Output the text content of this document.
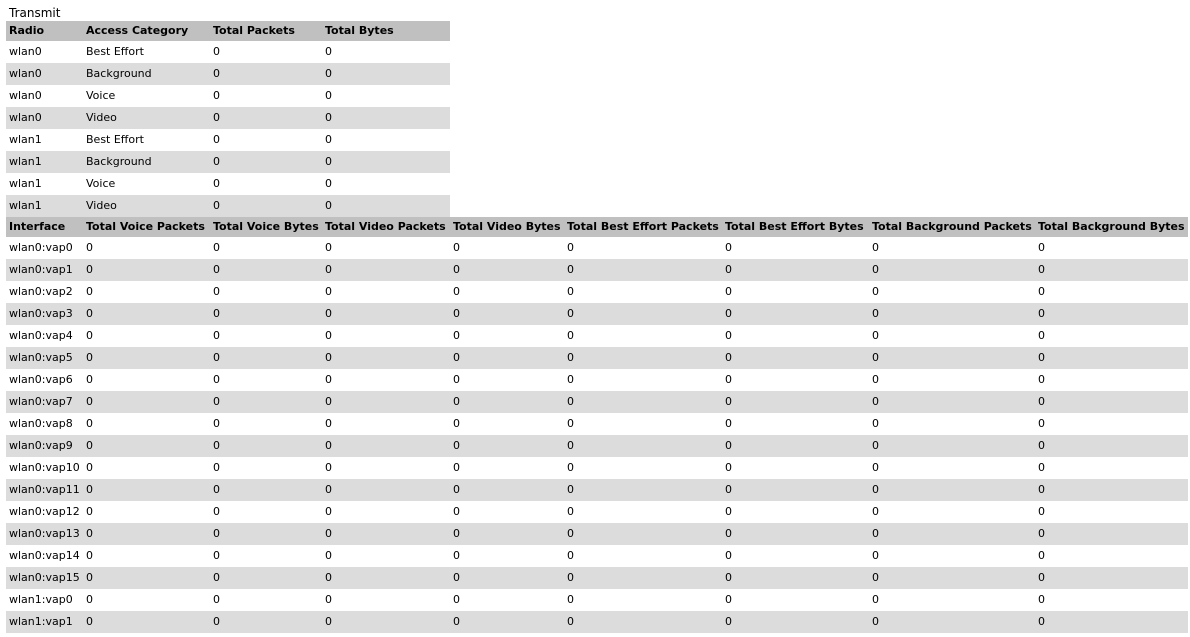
Transmit
Radio	Access Category	Total Packets	Total Bytes
wlan0	Best Effort	0	0
wlan0	Background	0	0
wlan0	Voice	0	0
wlan0	Video	0	0
wlan1	Best Effort	0	0
wlan1	Background	0	0
wlan1	Voice	0	0
wlan1	Video	0	0
Interface	Total Voice Packets	Total Voice Bytes	Total Video Packets	Total Video Bytes	Total Best Effort Packets	Total Best Effort Bytes	Total Background Packets	Total Background Bytes
wlan0:vap0	0	0	0	0	0	0	0	0
wlan0:vap1	0	0	0	0	0	0	0	0
wlan0:vap2	0	0	0	0	0	0	0	0
wlan0:vap3	0	0	0	0	0	0	0	0
wlan0:vap4	0	0	0	0	0	0	0	0
wlan0:vap5	0	0	0	0	0	0	0	0
wlan0:vap6	0	0	0	0	0	0	0	0
wlan0:vap7	0	0	0	0	0	0	0	0
wlan0:vap8	0	0	0	0	0	0	0	0
wlan0:vap9	0	0	0	0	0	0	0	0
wlan0:vap10	0	0	0	0	0	0	0	0
wlan0:vap11	0	0	0	0	0	0	0	0
wlan0:vap12	0	0	0	0	0	0	0	0
wlan0:vap13	0	0	0	0	0	0	0	0
wlan0:vap14	0	0	0	0	0	0	0	0
wlan0:vap15	0	0	0	0	0	0	0	0
wlan1:vap0	0	0	0	0	0	0	0	0
wlan1:vap1	0	0	0	0	0	0	0	0
